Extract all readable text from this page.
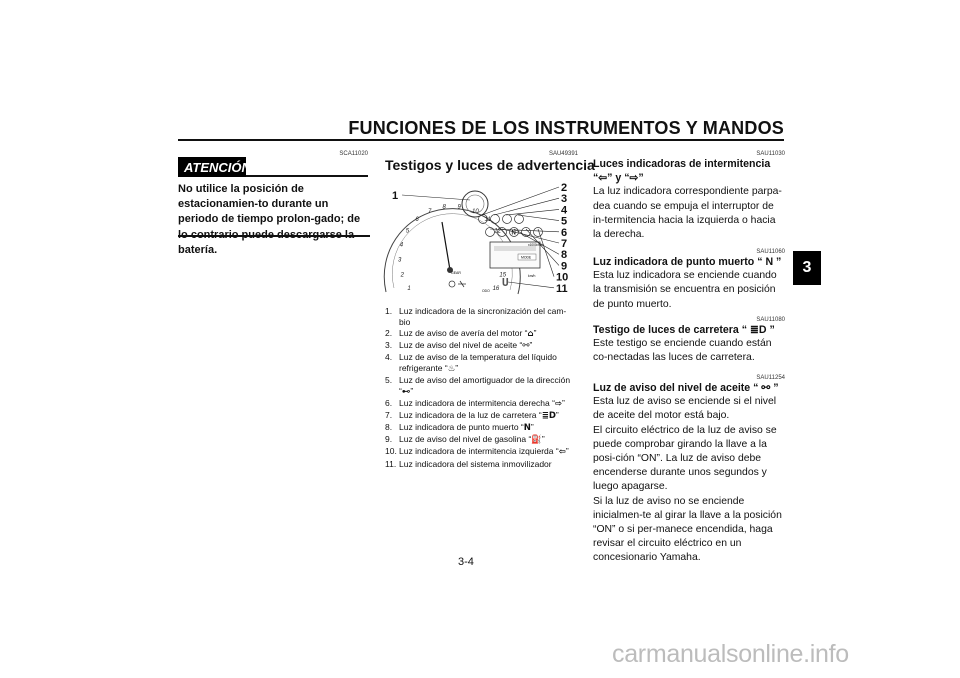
FUNCIONES DE LOS INSTRUMENTOS Y MANDOS
3
SCA11020
ATENCIÓN
No utilice la posición de estacionamien-to durante un periodo de tiempo prolon-gado; de batería.
SAU49391
Testigos y luces de advertencia
1
2
3
4
5
6
7
8 9
10
11
12
15
16
N
MODE
x1000r/min
km/h
GEAR
ODO
U
1
2
3
4
5
6
7
8
9
10
11
1. Luz indicadora de la sincronización del cam-bio
2. Luz de aviso de avería del motor “⌂”
3. Luz de aviso del nivel de aceite “⚯”
4. Luz de aviso de la temperatura del líquido refrigerante “♨”
5. Luz de aviso del amortiguador de la dirección “⊷”
6. Luz indicadora de intermitencia derecha “⇨”
7. Luz indicadora de la luz de carretera “≣D”
8. Luz indicadora de punto muerto “N”
9. Luz de aviso del nivel de gasolina “⛽”
10. Luz indicadora de intermitencia izquierda “⇦”
11. Luz indicadora del sistema inmovilizador

Luces indicadoras de intermitencia “⇦” y “⇨”

La luz indicadora correspondiente parpa-dea cuando se empuja el interruptor de in-termitencia hacia la izquierda o hacia la derecha.

Luz indicadora de punto muerto “ N ”

Esta luz indicadora se enciende cuando la transmisión se encuentra en posición de punto muerto.

Testigo de luces de carretera “ ≣D ”

Este testigo se enciende cuando están co-nectadas las luces de carretera.

Luz de aviso del nivel de aceite “ ⚯ ”

Esta luz de aviso se enciende si el nivel de aceite del motor está bajo.

El circuito eléctrico de la luz de aviso se puede comprobar girando la llave a la posi-ción “ON”. La luz de aviso debe encenderse durante unos segundos y luego apagarse.

Si la luz de aviso no se enciende inicialmen-te al girar la llave a la posición “ON” o si per-manece encendida, haga revisar el circuito eléctrico en un concesionario Yamaha.

3-4
carmanualsonline.info
SAU11030
SAU11060
SAU11080
SAU11254
